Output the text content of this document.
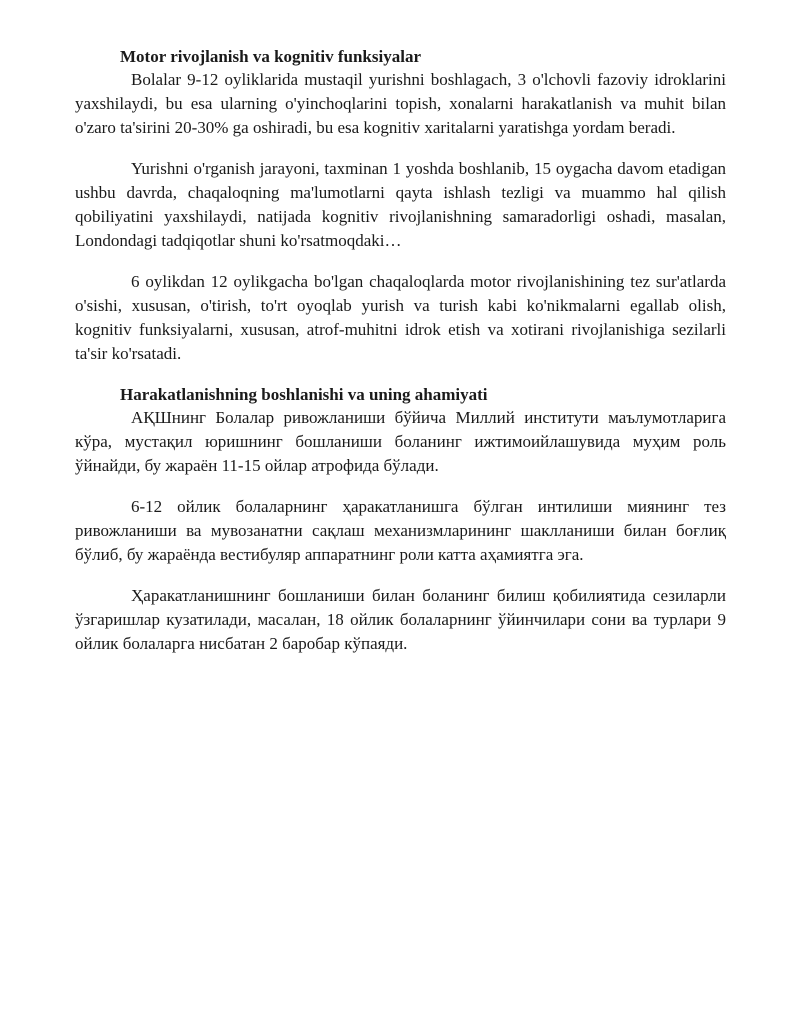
Motor rivojlanish va kognitiv funksiyalar

Bolalar 9-12 oyliklarida mustaqil yurishni boshlagach, 3 o'lchovli fazoviy idroklarini yaxshilaydi, bu esa ularning o'yinchoqlarini topish, xonalarni harakatlanish va muhit bilan o'zaro ta'sirini 20-30% ga oshiradi, bu esa kognitiv xaritalarni yaratishga yordam beradi.

Yurishni o'rganish jarayoni, taxminan 1 yoshda boshlanib, 15 oygacha davom etadigan ushbu davrda, chaqaloqning ma'lumotlarni qayta ishlash tezligi va muammo hal qilish qobiliyatini yaxshilaydi, natijada kognitiv rivojlanishning samaradorligi oshadi, masalan, Londondagi tadqiqotlar shuni ko'rsatmoqdaki…

6 oylikdan 12 oylikgacha bo'lgan chaqaloqlarda motor rivojlanishining tez sur'atlarda o'sishi, xususan, o'tirish, to'rt oyoqlab yurish va turish kabi ko'nikmalarni egallab olish, kognitiv funksiyalarni, xususan, atrof-muhitni idrok etish va xotirani rivojlanishiga sezilarli ta'sir ko'rsatadi.

Harakatlanishning boshlanishi va uning ahamiyati

АҚШнинг Болалар ривожланиши бўйича Миллий институти маълумотларига кўра, мустақил юришнинг бошланиши боланинг ижтимоийлашувида муҳим роль ўйнайди, бу жараён 11-15 ойлар атрофида бўлади.

6-12 ойлик болаларнинг ҳаракатланишга бўлган интилиши миянинг тез ривожланиши ва мувозанатни сақлаш механизмларининг шаклланиши билан боғлиқ бўлиб, бу жараёнда вестибуляр аппаратнинг роли катта аҳамиятга эга.

Ҳаракатланишнинг бошланиши билан боланинг билиш қобилиятида сезиларли ўзгаришлар кузатилади, масалан, 18 ойлик болаларнинг ўйинчилари сони ва турлари 9 ойлик болаларга нисбатан 2 баробар кўпаяди.
